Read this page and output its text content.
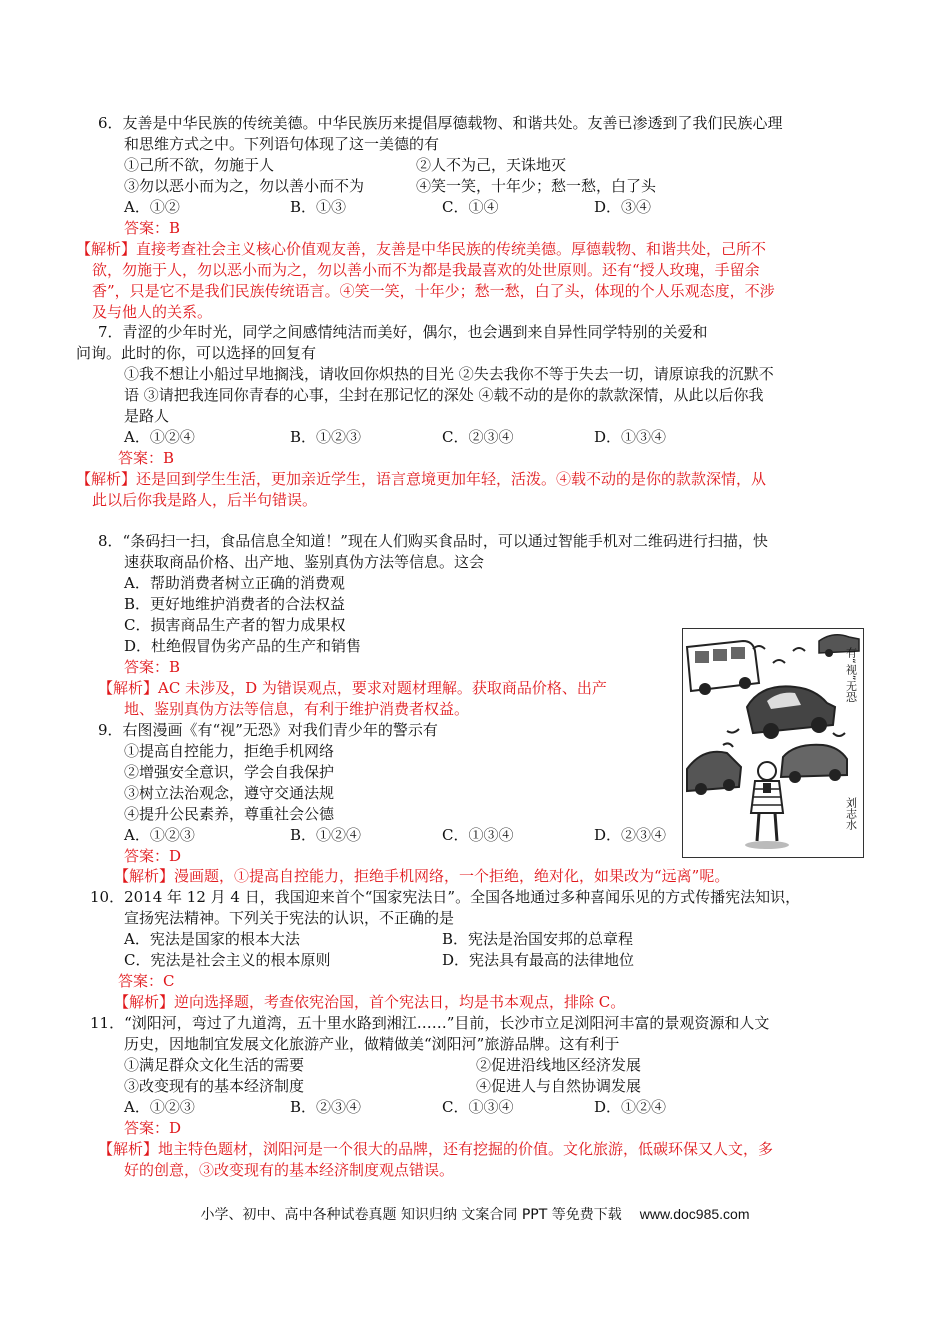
6．友善是中华民族的传统美德。中华民族历来提倡厚德载物、和谐共处。友善已渗透到了我们民族心理
和思维方式之中。下列语句体现了这一美德的有
①己所不欲，勿施于人	②人不为己，天诛地灭
③勿以恶小而为之，勿以善小而不为	④笑一笑，十年少；愁一愁，白了头
A．①②	B．①③	C．①④	D．③④
答案：B
【解析】直接考查社会主义核心价值观友善，友善是中华民族的传统美德。厚德载物、和谐共处，己所不
欲，勿施于人，勿以恶小而为之，勿以善小而不为都是我最喜欢的处世原则。还有“授人玫瑰，手留余
香”，只是它不是我们民族传统语言。④笑一笑，十年少；愁一愁，白了头，体现的个人乐观态度，不涉
及与他人的关系。
7．青涩的少年时光，同学之间感情纯洁而美好，偶尔，也会遇到来自异性同学特别的关爱和
问询。此时的你，可以选择的回复有
①我不想让小船过早地搁浅，请收回你炽热的目光 ②失去我你不等于失去一切，请原谅我的沉默不
语 ③请把我连同你青春的心事，尘封在那记忆的深处 ④载不动的是你的款款深情，从此以后你我
是路人
A．①②④	B．①②③	C．②③④	D．①③④
答案：B
【解析】还是回到学生生活，更加亲近学生，语言意境更加年轻，活泼。④载不动的是你的款款深情，从
此以后你我是路人，后半句错误。
8．“条码扫一扫，食品信息全知道！”现在人们购买食品时，可以通过智能手机对二维码进行扫描，快
速获取商品价格、出产地、鉴别真伪方法等信息。这会
A．帮助消费者树立正确的消费观
B．更好地维护消费者的合法权益
C．损害商品生产者的智力成果权
D．杜绝假冒伪劣产品的生产和销售
答案：B
【解析】AC 未涉及，D 为错误观点，要求对题材理解。获取商品价格、出产
地、鉴别真伪方法等信息，有利于维护消费者权益。
有“视”无恐
刘志水
9．右图漫画《有“视”无恐》对我们青少年的警示有
①提高自控能力，拒绝手机网络
②增强安全意识，学会自我保护
③树立法治观念，遵守交通法规
④提升公民素养，尊重社会公德
A．①②③	B．①②④	C．①③④	D．②③④
答案：D
【解析】漫画题，①提高自控能力，拒绝手机网络，一个拒绝，绝对化，如果改为“远离”呢。
10．2014 年 12 月 4 日，我国迎来首个“国家宪法日”。全国各地通过多种喜闻乐见的方式传播宪法知识，
宣扬宪法精神。下列关于宪法的认识，不正确的是
A．宪法是国家的根本大法	B．宪法是治国安邦的总章程
C．宪法是社会主义的根本原则	D．宪法具有最高的法律地位
答案：C
【解析】逆向选择题，考查依宪治国，首个宪法日，均是书本观点，排除 C。
11．“浏阳河，弯过了九道湾，五十里水路到湘江……”目前，长沙市立足浏阳河丰富的景观资源和人文
历史，因地制宜发展文化旅游产业，做精做美“浏阳河”旅游品牌。这有利于
①满足群众文化生活的需要	②促进沿线地区经济发展
③改变现有的基本经济制度	④促进人与自然协调发展
A．①②③	B．②③④	C．①③④	D．①②④
答案：D
【解析】地主特色题材，浏阳河是一个很大的品牌，还有挖掘的价值。文化旅游，低碳环保又人文，多
好的创意，③改变现有的基本经济制度观点错误。
小学、初中、高中各种试卷真题 知识归纳 文案合同 PPT 等免费下载 www.doc985.com
